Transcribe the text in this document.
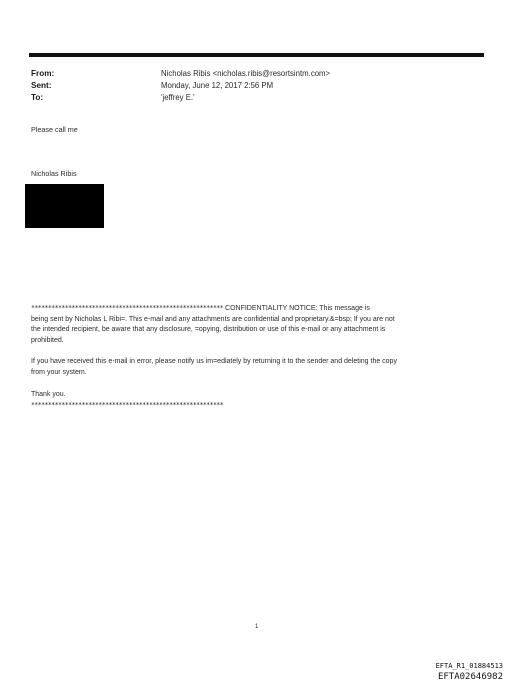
From:
Sent:
To:
Nicholas Ribis <nicholas.ribis@resortsintm.com>
Monday, June 12, 2017 2:56 PM
'jeffrey E.'
Please call me
Nicholas Ribis

********************************************************* CONFIDENTIALITY NOTICE: This message is

being sent by Nicholas L Ribi=. This e-mail and any attachments are confidential and proprietary.&=bsp; If you are not

the intended recipient, be aware that any disclosure, =opying, distribution or use of this e-mail or any attachment is

prohibited.

If you have received this e-mail in error, please notify us im=ediately by returning it to the sender and deleting the copy

from your system.

Thank you.

*********************************************************

1
EFTA_R1_01884513
EFTA02646982
